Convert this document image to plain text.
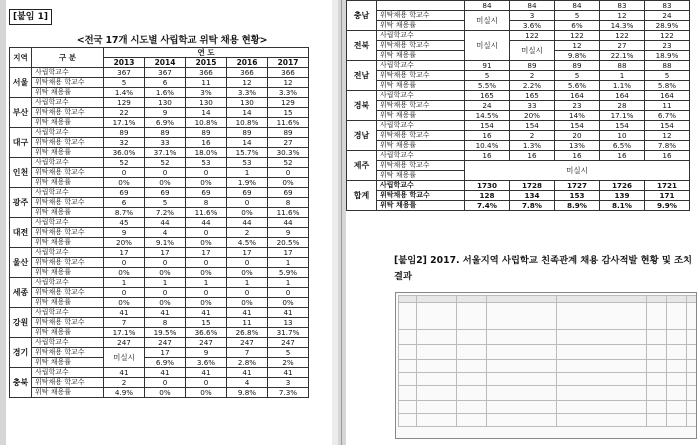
[붙임 1]
<전국 17개 시도별 사립학교 위탁 채용 현황>
지역	구 분	연 도				
		2013	2014	2015	2016	2017
서울	사립학교수	367	367	366	366	366
	위탁채용 학교수	5	6	11	12	12
	위탁 채용률	1.4%	1.6%	3%	3.3%	3.3%
부산	사립학교수	129	130	130	130	129
	위탁채용 학교수	22	9	14	14	15
	위탁 채용률	17.1%	6.9%	10.8%	10.8%	11.6%
대구	사립학교수	89	89	89	89	89
	위탁채용 학교수	32	33	16	14	27
	위탁 채용률	36.0%	37.1%	18.0%	15.7%	30.3%
인천	사립학교수	52	52	53	53	52
	위탁채용 학교수	0	0	0	1	0
	위탁 채용률	0%	0%	0%	1.9%	0%
광주	사립학교수	69	69	69	69	69
	위탁채용 학교수	6	5	8	0	8
	위탁 채용률	8.7%	7.2%	11.6%	0%	11.6%
대전	사립학교수	45	44	44	44	44
	위탁채용 학교수	9	4	0	2	9
	위탁 채용률	20%	9.1%	0%	4.5%	20.5%
울산	사립학교수	17	17	17	17	17
	위탁채용 학교수	0	0	0	0	1
	위탁 채용률	0%	0%	0%	0%	5.9%
세종	사립학교수	1	1	1	1	1
	위탁채용 학교수	0	0	0	0	0
	위탁 채용률	0%	0%	0%	0%	0%
강원	사립학교수	41	41	41	41	41
	위탁채용 학교수	7	8	15	11	13
	위탁 채용률	17.1%	19.5%	36.6%	26.8%	31.7%
경기	사립학교수	247	247	247	247	247
	위탁채용 학교수	미실시	17	9	7	5
	위탁 채용률		6.9%	3.6%	2.8%	2%
충북	사립학교수	41	41	41	41	41
	위탁채용 학교수	2	0	0	4	3
	위탁 채용률	4.9%	0%	0%	9.8%	7.3%
충남		84	84	84	83	83	
	위탁채용 학교수	미실시	3	5	12	24	
	위탁 채용률		3.6%	6%	14.3%	28.9%	
전북	사립학교수	미실시	122	122	122	122	
	위탁채용 학교수		미실시	12	27	23	
	위탁 채용률			9.8%	22.1%	18.9%	
전남	사립학교수	91	89	89	88	88	
	위탁채용 학교수	5	2	5	1	5	
	위탁 채용률	5.5%	2.2%	5.6%	1.1%	5.8%	
경북	사립학교수	165	165	164	164	164	
	위탁채용 학교수	24	33	23	28	11	
	위탁 채용률	14.5%	20%	14%	17.1%	6.7%	
경남	사립학교수	154	154	154	154	154	
	위탁채용 학교수	16	2	20	10	12	
	위탁 채용률	10.4%	1.3%	13%	6.5%	7.8%	
제주	사립학교수	16	16	16	16	16	
	위탁채용 학교수	미실시					
	위탁 채용률						
합계	사립학교수	1730	1728	1727	1726	1721	
	위탁채용 학교수	128	134	153	139	171	
	위탁 채용률	7.4%	7.8%	8.9%	8.1%	9.9%	
[붙임2] 2017. 서울지역 사립학교 친족관계 채용 감사적발 현황 및 조치 결과
